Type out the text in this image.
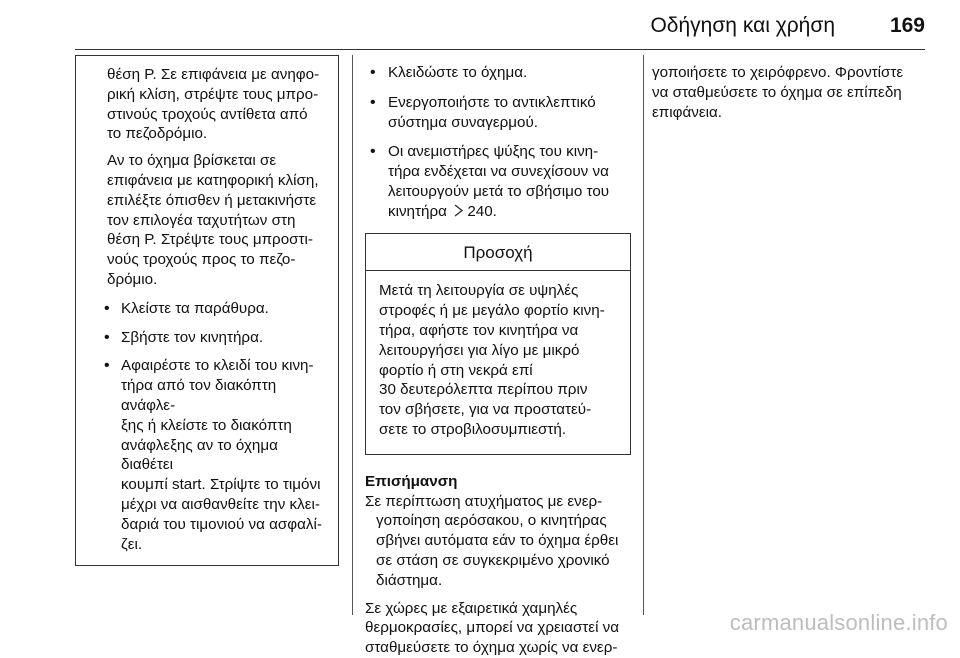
Οδήγηση και χρήση	169
θέση P. Σε επιφάνεια με ανηφο-
ρική κλίση, στρέψτε τους μπρο-
στινούς τροχούς αντίθετα από
το πεζοδρόμιο.
Αν το όχημα βρίσκεται σε
επιφάνεια με κατηφορική κλίση,
επιλέξτε όπισθεν ή μετακινήστε
τον επιλογέα ταχυτήτων στη
θέση P. Στρέψτε τους μπροστι-
νούς τροχούς προς το πεζο-
δρόμιο.
• Κλείστε τα παράθυρα.
• Σβήστε τον κινητήρα.
• Αφαιρέστε το κλειδί του κινη-
τήρα από τον διακόπτη ανάφλε-
ξης ή κλείστε το διακόπτη
ανάφλεξης αν το όχημα διαθέτει
κουμπί start. Στρίψτε το τιμόνι
μέχρι να αισθανθείτε την κλει-
δαριά του τιμονιού να ασφαλί-
ζει.
• Κλειδώστε το όχημα.
• Ενεργοποιήστε το αντικλεπτικό
σύστημα συναγερμού.
• Οι ανεμιστήρες ψύξης του κινη-
τήρα ενδέχεται να συνεχίσουν να
λειτουργούν μετά το σβήσιμο του
κινητήρα  240.
Προσοχή
Μετά τη λειτουργία σε υψηλές
στροφές ή με μεγάλο φορτίο κινη-
τήρα, αφήστε τον κινητήρα να
λειτουργήσει για λίγο με μικρό
φορτίο ή στη νεκρά επί
30 δευτερόλεπτα περίπου πριν
τον σβήσετε, για να προστατεύ-
σετε το στροβιλοσυμπιεστή.
Επισήμανση
Σε περίπτωση ατυχήματος με ενερ-
γοποίηση αερόσακου, ο κινητήρας
σβήνει αυτόματα εάν το όχημα έρθει
σε στάση σε συγκεκριμένο χρονικό
διάστημα.
Σε χώρες με εξαιρετικά χαμηλές
θερμοκρασίες, μπορεί να χρειαστεί να
σταθμεύσετε το όχημα χωρίς να ενερ-
γοποιήσετε το χειρόφρενο. Φροντίστε
να σταθμεύσετε το όχημα σε επίπεδη
επιφάνεια.
carmanualsonline.info
